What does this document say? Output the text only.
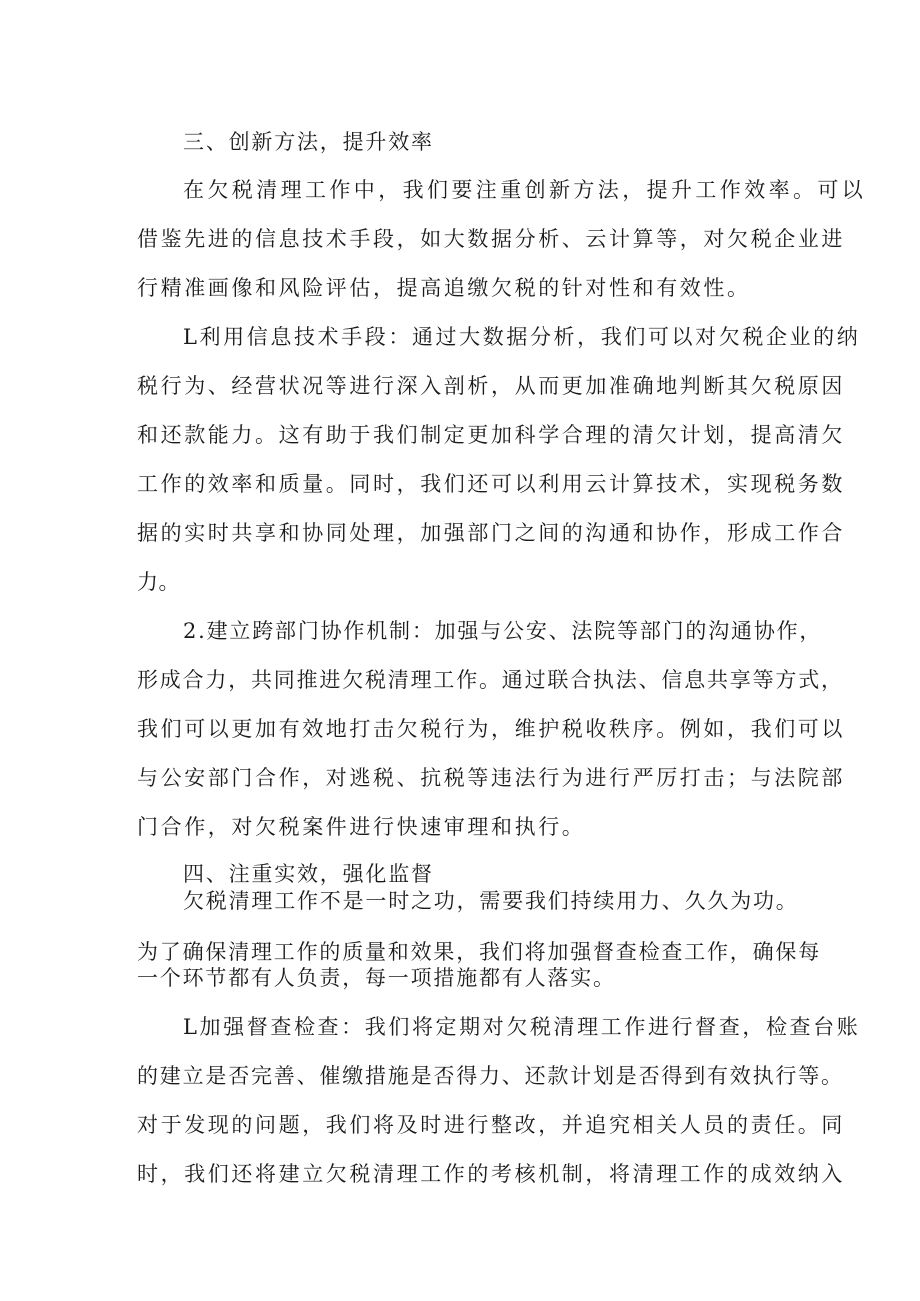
三、创新方法，提升效率
在欠税清理工作中，我们要注重创新方法，提升工作效率。可以
借鉴先进的信息技术手段，如大数据分析、云计算等，对欠税企业进
行精准画像和风险评估，提高追缴欠税的针对性和有效性。
L利用信息技术手段：通过大数据分析，我们可以对欠税企业的纳
税行为、经营状况等进行深入剖析，从而更加准确地判断其欠税原因
和还款能力。这有助于我们制定更加科学合理的清欠计划，提高清欠
工作的效率和质量。同时，我们还可以利用云计算技术，实现税务数
据的实时共享和协同处理，加强部门之间的沟通和协作，形成工作合
力。
2.建立跨部门协作机制：加强与公安、法院等部门的沟通协作，
形成合力，共同推进欠税清理工作。通过联合执法、信息共享等方式，
我们可以更加有效地打击欠税行为，维护税收秩序。例如，我们可以
与公安部门合作，对逃税、抗税等违法行为进行严厉打击；与法院部
门合作，对欠税案件进行快速审理和执行。
四、注重实效，强化监督
欠税清理工作不是一时之功，需要我们持续用力、久久为功。
为了确保清理工作的质量和效果，我们将加强督查检查工作，确保每
一个环节都有人负责，每一项措施都有人落实。
L加强督查检查：我们将定期对欠税清理工作进行督查，检查台账
的建立是否完善、催缴措施是否得力、还款计划是否得到有效执行等。
对于发现的问题，我们将及时进行整改，并追究相关人员的责任。同
时，我们还将建立欠税清理工作的考核机制，将清理工作的成效纳入
